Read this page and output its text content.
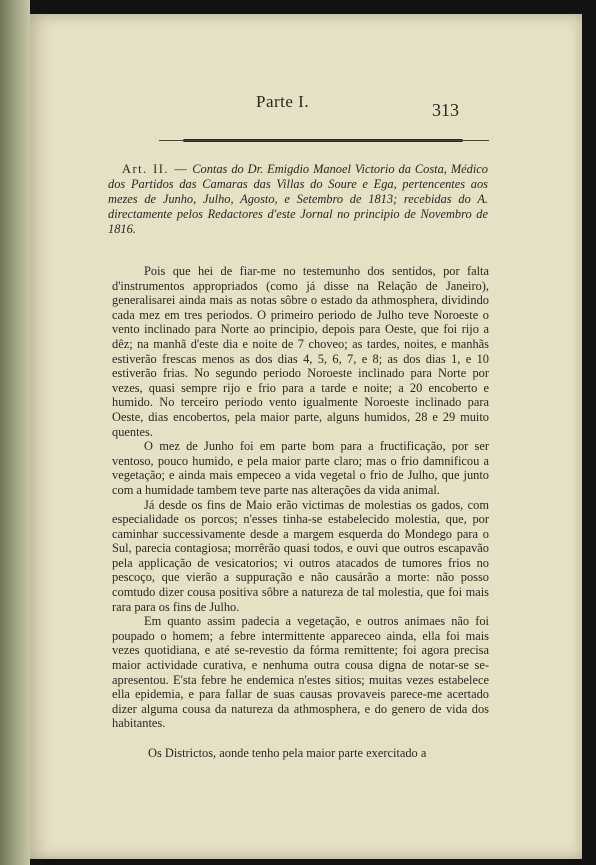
Parte I.	313

Art. II. — Contas do Dr. Emigdio Manoel Victorio da Costa, Médico dos Partidos das Camaras das Villas do Soure e Ega, pertencentes aos mezes de Junho, Julho, Agosto, e Setembro de 1813; recebidas do A. directamente pelos Redactores d'este Jornal no principio de Novembro de 1816.

Pois que hei de fiar-me no testemunho dos sentidos, por falta d'instrumentos appropriados (como já disse na Relação de Janeiro), generalisarei ainda mais as notas sôbre o estado da athmosphera, dividindo cada mez em tres periodos. O primeiro periodo de Julho teve Noroeste o vento inclinado para Norte ao principio, depois para Oeste, que foi rijo a dêz; na manhã d'este dia e noite de 7 choveo; as tardes, noites, e manhãs estiverão frescas menos as dos dias 4, 5, 6, 7, e 8; as dos dias 1, e 10 estiverão frias. No segundo periodo Noroeste inclinado para Norte por vezes, quasi sempre rijo e frio para a tarde e noite; a 20 encoberto e humido. No terceiro periodo vento igualmente Noroeste inclinado para Oeste, dias encobertos, pela maior parte, alguns humidos, 28 e 29 muito quentes.

O mez de Junho foi em parte bom para a fructificação, por ser ventoso, pouco humido, e pela maior parte claro; mas o frio damnificou a vegetação; e ainda mais empeceo a vida vegetal o frio de Julho, que junto com a humidade tambem teve parte nas alterações da vida animal.

Já desde os fins de Maio erão victimas de molestias os gados, com especialidade os porcos; n'esses tinha-se estabelecido molestia, que, por caminhar successivamente desde a margem esquerda do Mondego para o Sul, parecia contagiosa; morrêrão quasi todos, e ouvi que outros escapavão pela applicação de vesicatorios; vi outros atacados de tumores frios no pescoço, que vierão a suppuração e não causárão a morte: não posso comtudo dizer cousa positiva sôbre a natureza de tal molestia, que foi mais rara para os fins de Julho.

Em quanto assim padecia a vegetação, e outros animaes não foi poupado o homem; a febre intermittente appareceo ainda, ella foi mais vezes quotidiana, e até se-revestio da fórma remittente; foi agora precisa maior actividade curativa, e nenhuma outra cousa digna de notar-se se-apresentou. E'sta febre he endemica n'estes sitios; muitas vezes estabelece ella epidemia, e para fallar de suas causas provaveis parece-me acertado dizer alguma cousa da natureza da athmosphera, e do genero de vida dos habitantes.

Os Districtos, aonde tenho pela maior parte exercitado a
